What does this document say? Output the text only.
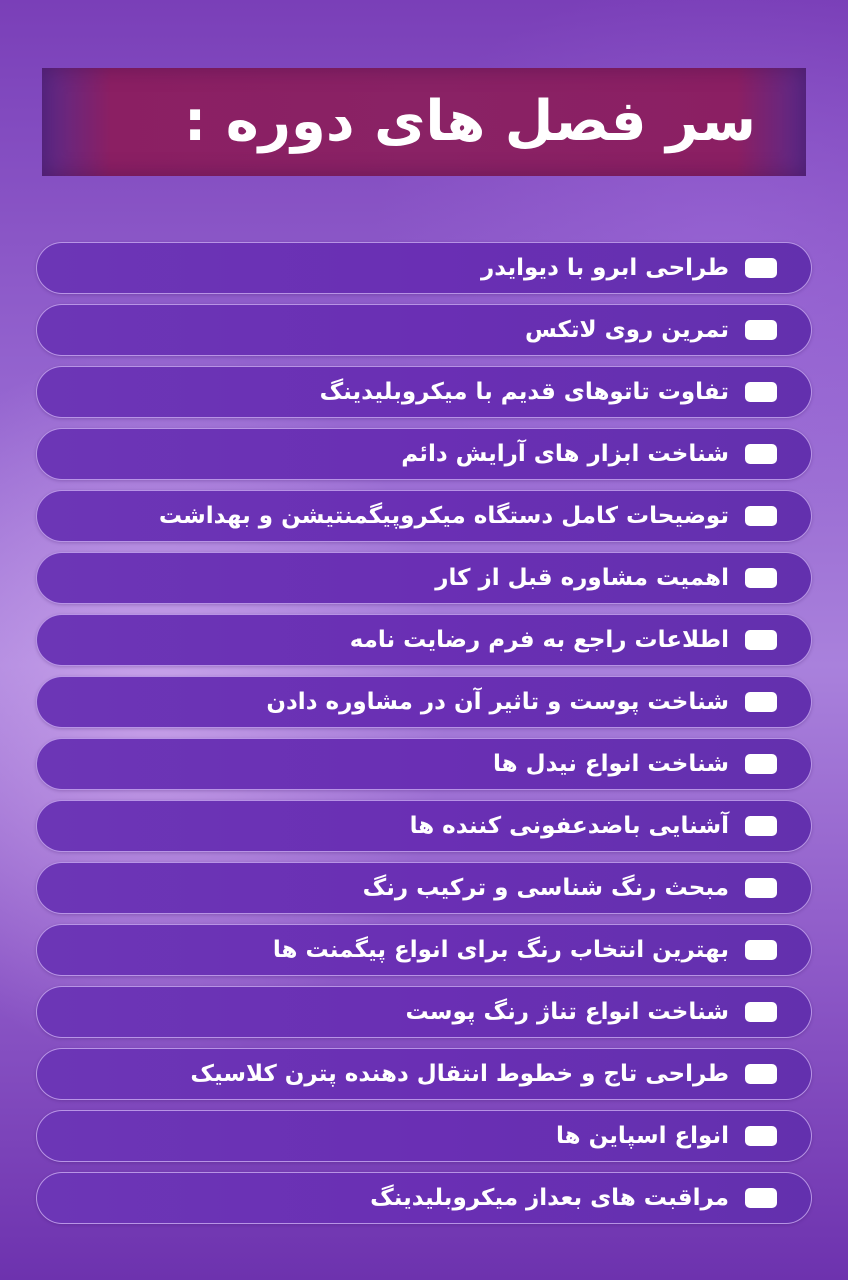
سر فصل های دوره :
طراحی ابرو با دیوایدر
تمرین روی لاتکس
تفاوت تاتوهای قدیم با میکروبلیدینگ
شناخت ابزار های آرایش دائم
توضیحات کامل دستگاه میکروپیگمنتیشن و بهداشت
اهمیت مشاوره قبل از کار
اطلاعات راجع به فرم رضایت نامه
شناخت پوست و تاثیر آن در مشاوره دادن
شناخت انواع نیدل ها
آشنایی باضدعفونی کننده ها
مبحث رنگ شناسی و ترکیب رنگ
بهترین انتخاب رنگ برای انواع پیگمنت ها
شناخت انواع تناژ رنگ پوست
طراحی تاج و خطوط انتقال دهنده پترن کلاسیک
انواع اسپاین ها
مراقبت های بعداز میکروبلیدینگ
